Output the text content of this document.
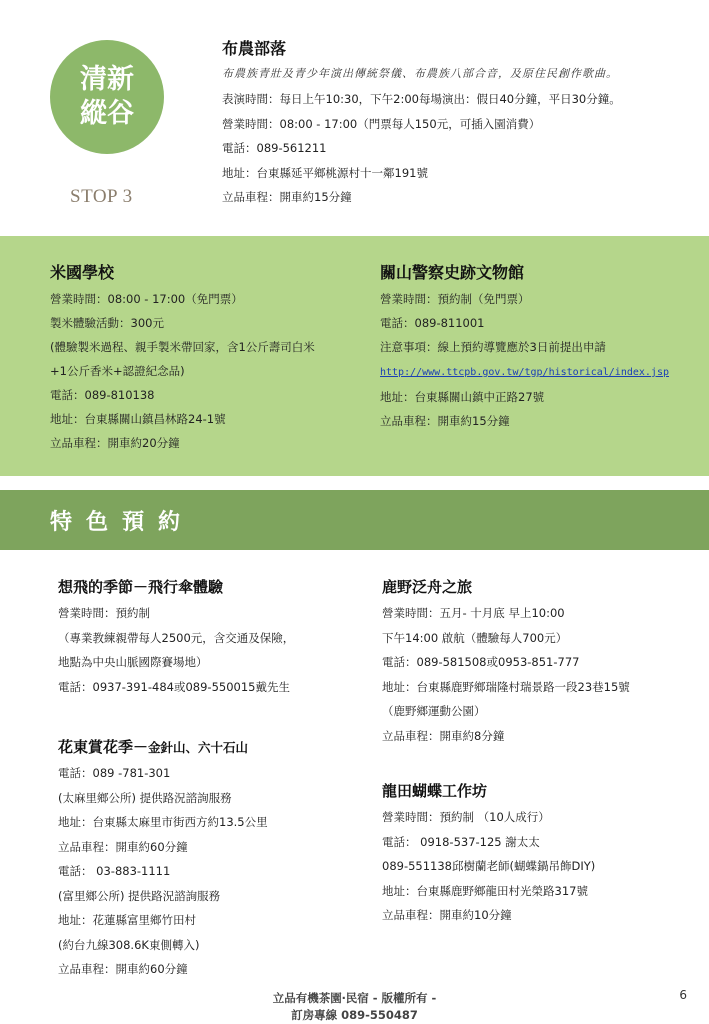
清新
縱谷
STOP 3
布農部落
布農族青壯及青少年演出傳統祭儀、布農族八部合音，及原住民創作歌曲。
表演時間：每日上午10:30，下午2:00每場演出：假日40分鐘，平日30分鐘。
營業時間：08:00 - 17:00（門票每人150元，可插入園消費）
電話：089-561211
地址：台東縣延平鄉桃源村十一鄰191號
立品車程：開車約15分鐘
米國學校
營業時間：08:00 - 17:00（免門票）
製米體驗活動：300元
(體驗製米過程、親手製米帶回家，含1公斤壽司白米
+1公斤香米+認證紀念品)
電話：089-810138
地址：台東縣關山鎮昌林路24-1號
立品車程：開車約20分鐘
關山警察史跡文物館
營業時間：預約制（免門票）
電話：089-811001
注意事項：線上預約導覽應於3日前提出申請
http://www.ttcpb.gov.tw/tgp/historical/index.jsp
地址：台東縣關山鎮中正路27號
立品車程：開車約15分鐘
特色預約
想飛的季節－飛行傘體驗
營業時間：預約制
（專業教練親帶每人2500元，含交通及保險，
地點為中央山脈國際賽場地）
電話：0937-391-484或089-550015戴先生
花東賞花季－金針山、六十石山
電話：089 -781-301
(太麻里鄉公所) 提供路況諮詢服務
地址：台東縣太麻里市街西方約13.5公里
立品車程：開車約60分鐘
電話： 03-883-1111
(富里鄉公所) 提供路況諮詢服務
地址：花蓮縣富里鄉竹田村
(約台九線308.6K東側轉入)
立品車程：開車約60分鐘
鹿野泛舟之旅
營業時間：五月- 十月底 早上10:00
下午14:00 啟航（體驗每人700元）
電話：089-581508或0953-851-777
地址：台東縣鹿野鄉瑞隆村瑞景路一段23巷15號
（鹿野鄉運動公園）
立品車程：開車約8分鐘
龍田蝴蝶工作坊
營業時間：預約制 （10人成行）
電話： 0918-537-125 謝太太
089-551138邱樹蘭老師(蝴蝶鍋吊飾DIY)
地址：台東縣鹿野鄉龍田村光榮路317號
立品車程：開車約10分鐘
立品有機茶園‧民宿 - 版權所有 -
訂房專線 089-550487
6
